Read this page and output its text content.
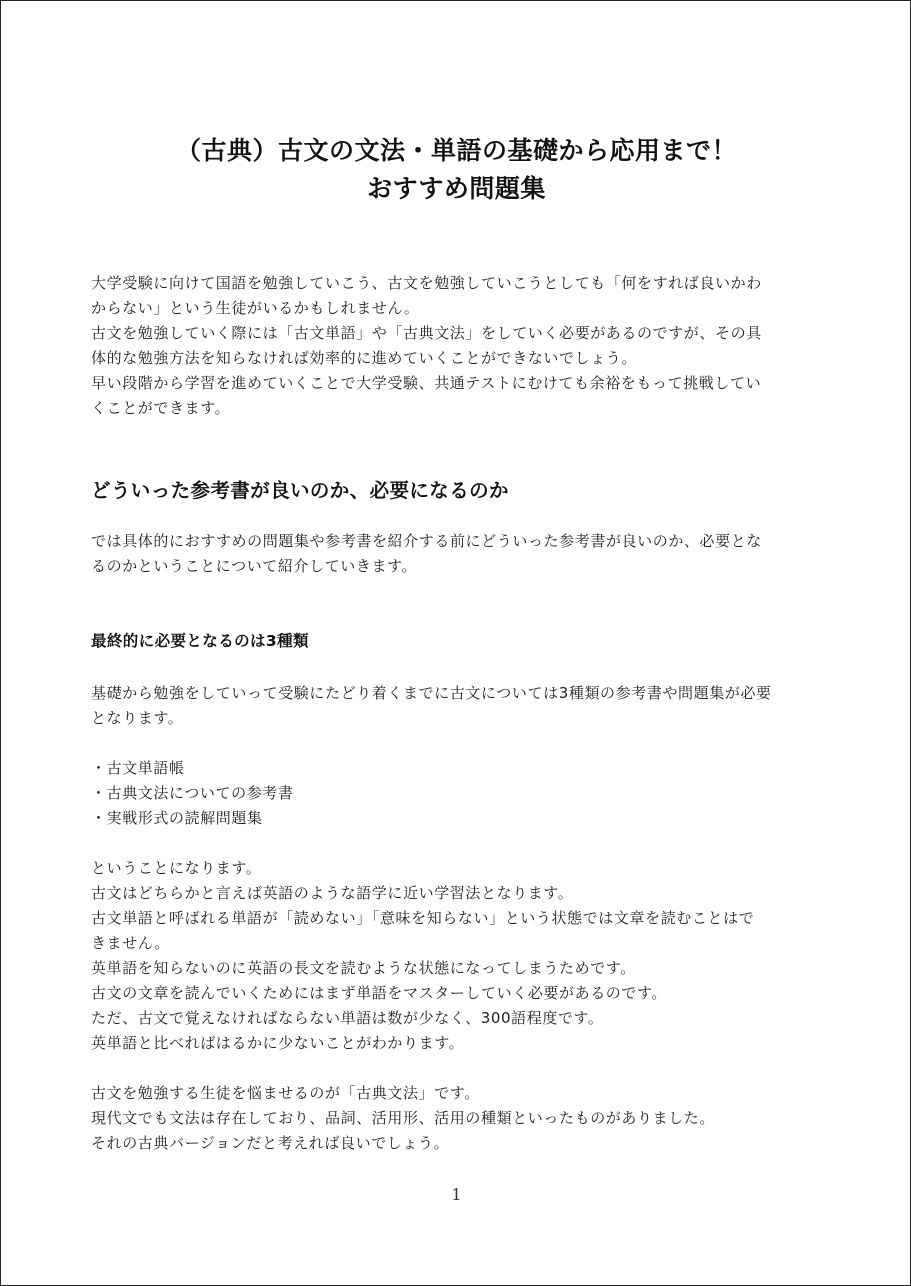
（古典）古文の文法・単語の基礎から応用まで！
おすすめ問題集
大学受験に向けて国語を勉強していこう、古文を勉強していこうとしても「何をすれば良いかわ
からない」という生徒がいるかもしれません。
古文を勉強していく際には「古文単語」や「古典文法」をしていく必要があるのですが、その具
体的な勉強方法を知らなければ効率的に進めていくことができないでしょう。
早い段階から学習を進めていくことで大学受験、共通テストにむけても余裕をもって挑戦してい
くことができます。
どういった参考書が良いのか、必要になるのか
では具体的におすすめの問題集や参考書を紹介する前にどういった参考書が良いのか、必要とな
るのかということについて紹介していきます。
最終的に必要となるのは3種類
基礎から勉強をしていって受験にたどり着くまでに古文については3種類の参考書や問題集が必要
となります。
・古文単語帳
・古典文法についての参考書
・実戦形式の読解問題集
ということになります。
古文はどちらかと言えば英語のような語学に近い学習法となります。
古文単語と呼ばれる単語が「読めない」「意味を知らない」という状態では文章を読むことはで
きません。
英単語を知らないのに英語の長文を読むような状態になってしまうためです。
古文の文章を読んでいくためにはまず単語をマスターしていく必要があるのです。
ただ、古文で覚えなければならない単語は数が少なく、300語程度です。
英単語と比べればはるかに少ないことがわかります。
古文を勉強する生徒を悩ませるのが「古典文法」です。
現代文でも文法は存在しており、品詞、活用形、活用の種類といったものがありました。
それの古典バージョンだと考えれば良いでしょう。
1
